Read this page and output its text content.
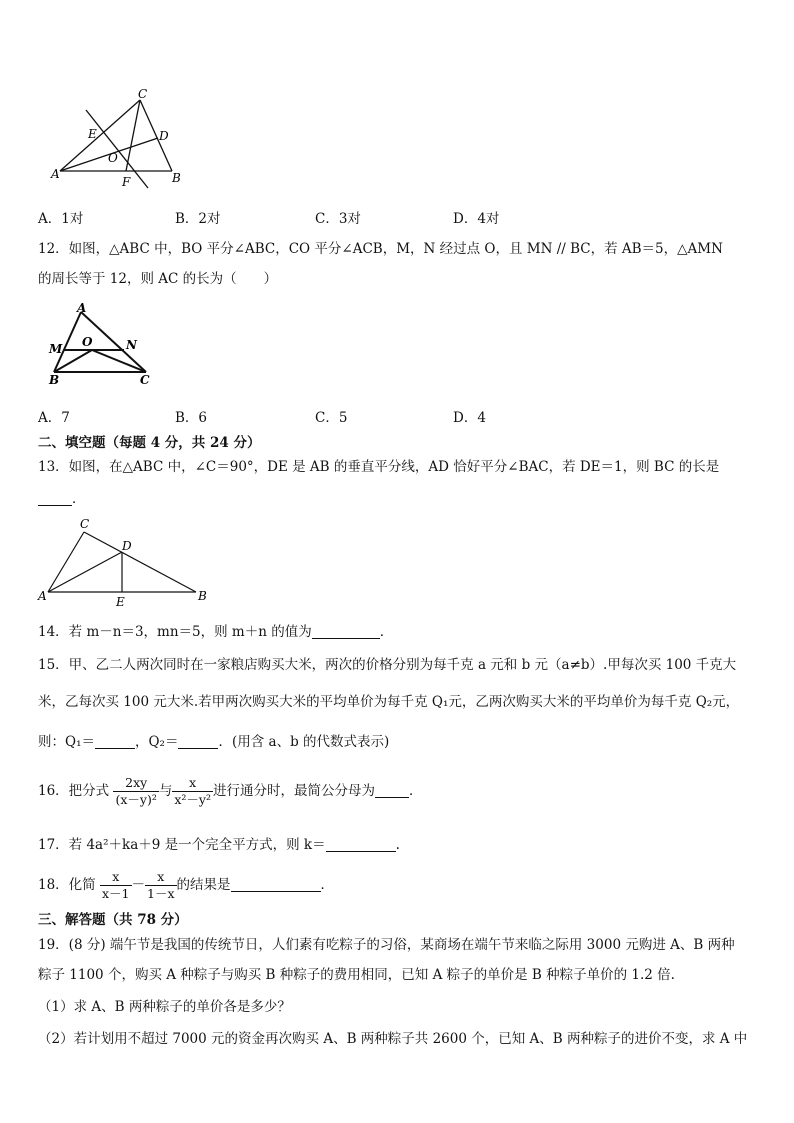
C
E	D
O
A
F	B
A．1对	B．2对	C．3对	D．4对
12．如图，△ABC 中，BO 平分∠ABC，CO 平分∠ACB，M，N 经过点 O，且 MN // BC，若 AB＝5，△AMN
的周长等于 12，则 AC 的长为（　　）
A
M O	N
B	C
A．7	B．6	C．5	D．4
二、填空题（每题 4 分，共 24 分）
13．如图，在△ABC 中，∠C＝90°，DE 是 AB 的垂直平分线，AD 恰好平分∠BAC，若 DE＝1，则 BC 的长是
．
C
D
A	E	B
14．若 m－n＝3，mn＝5，则 m＋n 的值为	．
15．甲、乙二人两次同时在一家粮店购买大米，两次的价格分别为每千克 a 元和 b 元（a≠b）.甲每次买 100 千克大
米，乙每次买 100 元大米.若甲两次购买大米的平均单价为每千克 Q₁元，乙两次购买大米的平均单价为每千克 Q₂元，
则：Q₁＝	，Q₂＝	．(用含 a、b 的代数式表示)
16．把分式 $\frac{2xy}{\text{(x－y)²}}$ 与 $\frac{x}{\text{x²－y²}}$ 进行通分时，最简公分母为	．
17．若 4a²＋ka＋9 是一个完全平方式，则 k＝	.
18．化简 $\frac{x}{x-1} - \frac{x}{1-x}$ 的结果是	．
三、解答题（共 78 分）
19．(8 分) 端午节是我国的传统节日，人们素有吃粽子的习俗，某商场在端午节来临之际用 3000 元购进 A、B 两种
粽子 1100 个，购买 A 种粽子与购买 B 种粽子的费用相同，已知 A 粽子的单价是 B 种粽子单价的 1.2 倍.
（1）求 A、B 两种粽子的单价各是多少？
（2）若计划用不超过 7000 元的资金再次购买 A、B 两种粽子共 2600 个，已知 A、B 两种粽子的进价不变，求 A 中
